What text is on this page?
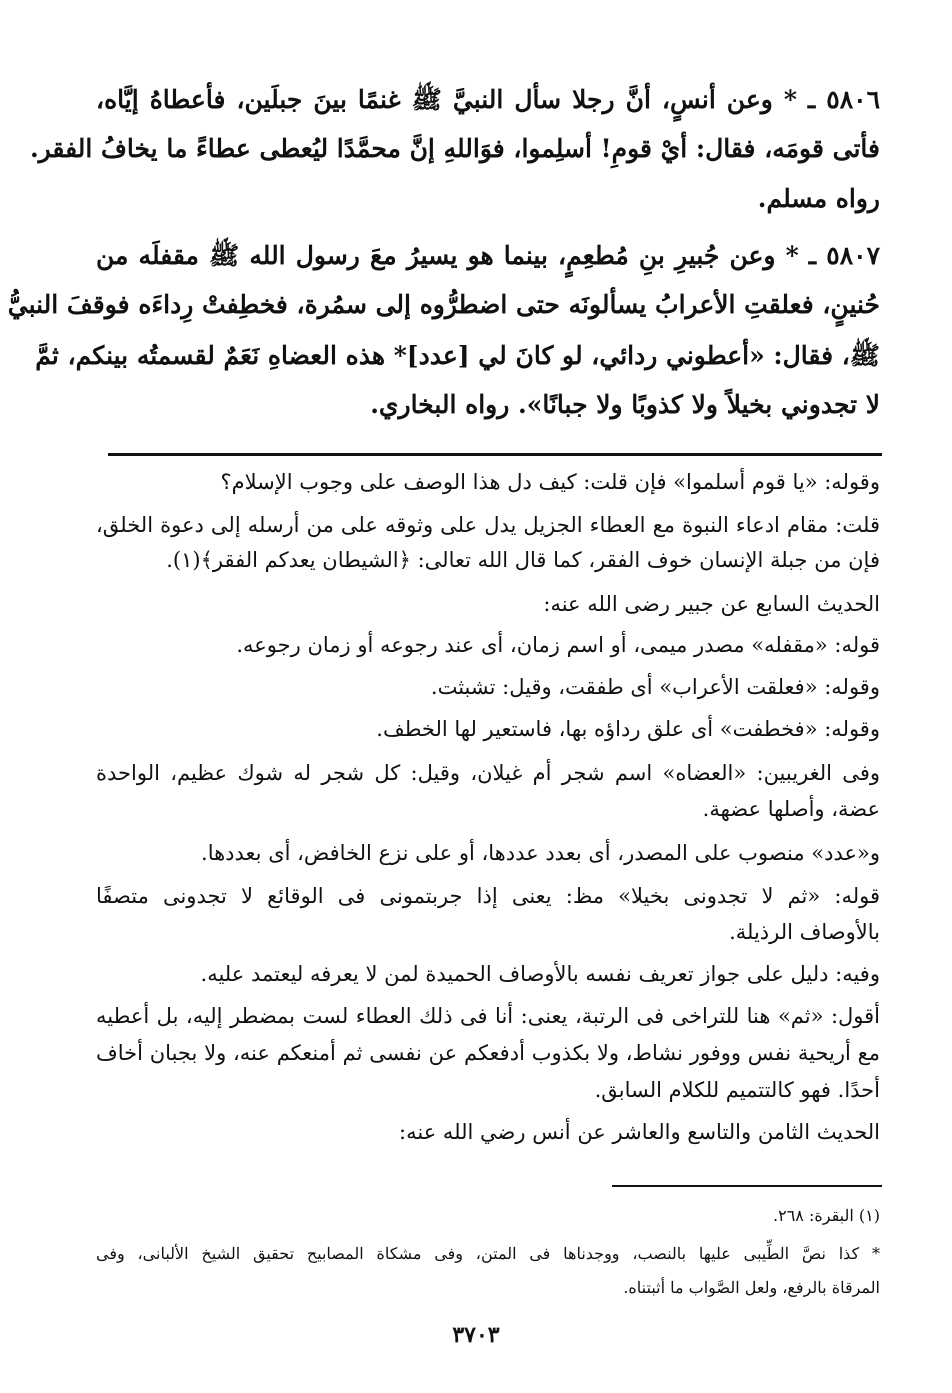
٥٨٠٦ ـ * وعن أنسٍ، أنَّ رجلا سأل النبيَّ ﷺ غنمًا بينَ جبلَين، فأعطاهُ إيَّاه،
فأتى قومَه، فقال: أيْ قومِ! أسلِموا، فوَاللهِ إنَّ محمَّدًا ليُعطى عطاءً ما يخافُ الفقر.
رواه مسلم.
٥٨٠٧ ـ * وعن جُبيرِ بنِ مُطعِمٍ، بينما هو يسيرُ معَ رسول الله ﷺ مقفلَه من
حُنينٍ، فعلقتِ الأعرابُ يسألونَه حتى اضطرُّوه إلى سمُرة، فخطِفتْ رِداءَه فوقفَ النبيُّ
ﷺ، فقال: «أعطوني ردائي، لو كانَ لي [عدد]* هذه العضاهِ نَعَمٌ لقسمتُه بينكم، ثمَّ
لا تجدوني بخيلاً ولا كذوبًا ولا جبانًا». رواه البخاري.
وقوله: «يا قوم أسلموا» فإن قلت: كيف دل هذا الوصف على وجوب الإسلام؟
قلت: مقام ادعاء النبوة مع العطاء الجزيل يدل على وثوقه على من أرسله إلى دعوة الخلق،
فإن من جبلة الإنسان خوف الفقر، كما قال الله تعالى: ﴿الشيطان يعدكم الفقر﴾(١).
الحديث السابع عن جبير رضى الله عنه:
قوله: «مقفله» مصدر ميمى، أو اسم زمان، أى عند رجوعه أو زمان رجوعه.
وقوله: «فعلقت الأعراب» أى طفقت، وقيل: تشبثت.
وقوله: «فخطفت» أى علق رداؤه بها، فاستعير لها الخطف.
وفى الغريبين: «العضاه» اسم شجر أم غيلان، وقيل: كل شجر له شوك عظيم، الواحدة
عضة، وأصلها عضهة.
و«عدد» منصوب على المصدر، أى بعدد عددها، أو على نزع الخافض، أى بعددها.
قوله: «ثم لا تجدونى بخيلا» مظ: يعنى إذا جربتمونى فى الوقائع لا تجدونى متصفًا
بالأوصاف الرذيلة.
وفيه: دليل على جواز تعريف نفسه بالأوصاف الحميدة لمن لا يعرفه ليعتمد عليه.
أقول: «ثم» هنا للتراخى فى الرتبة، يعنى: أنا فى ذلك العطاء لست بمضطر إليه، بل أعطيه
مع أريحية نفس ووفور نشاط، ولا بكذوب أدفعكم عن نفسى ثم أمنعكم عنه، ولا بجبان أخاف
أحدًا. فهو كالتتميم للكلام السابق.
الحديث الثامن والتاسع والعاشر عن أنس رضي الله عنه:
(١) البقرة: ٢٦٨.
* كذا نصَّ الطِّيبى عليها بالنصب، ووجدناها فى المتن، وفى مشكاة المصابيح تحقيق الشيخ الألبانى، وفى
المرقاة بالرفع، ولعل الصَّواب ما أثبتناه.
٣٧٠٣
